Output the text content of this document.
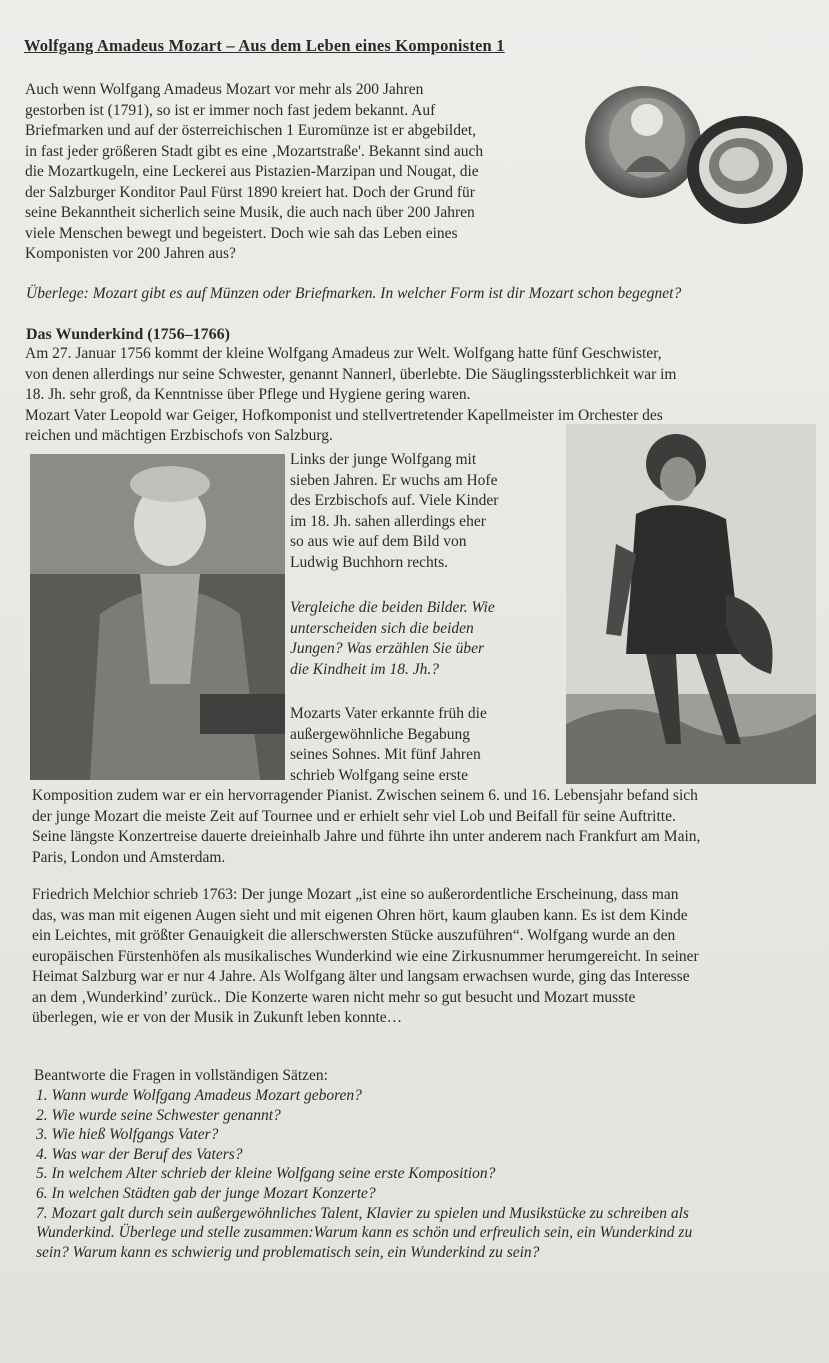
Wolfgang Amadeus Mozart – Aus dem Leben eines Komponisten 1

Auch wenn Wolfgang Amadeus Mozart vor mehr als 200 Jahren

gestorben ist (1791), so ist er immer noch fast jedem bekannt. Auf

Briefmarken und auf der österreichischen 1 Euromünze ist er abgebildet,

in fast jeder größeren Stadt gibt es eine ‚Mozartstraße'. Bekannt sind auch

die Mozartkugeln, eine Leckerei aus Pistazien-Marzipan und Nougat, die

der Salzburger Konditor Paul Fürst 1890 kreiert hat. Doch der Grund für

seine Bekanntheit sicherlich seine Musik, die auch nach über 200 Jahren

viele Menschen bewegt und begeistert. Doch wie sah das Leben eines

Komponisten vor 200 Jahren aus?

Überlege: Mozart gibt es auf Münzen oder Briefmarken. In welcher Form ist dir Mozart schon begegnet?
Das Wunderkind (1756–1766)

Am 27. Januar 1756 kommt der kleine Wolfgang Amadeus zur Welt. Wolfgang hatte fünf Geschwister,

von denen allerdings nur seine Schwester, genannt Nannerl, überlebte. Die Säuglingssterblichkeit war im

18. Jh. sehr groß, da Kenntnisse über Pflege und Hygiene gering waren.

Mozart Vater Leopold war Geiger, Hofkomponist und stellvertretender Kapellmeister im Orchester des

reichen und mächtigen Erzbischofs von Salzburg.

Links der junge Wolfgang mit

sieben Jahren. Er wuchs am Hofe

des Erzbischofs auf. Viele Kinder

im 18. Jh. sahen allerdings eher

so aus wie auf dem Bild von

Ludwig Buchhorn rechts.

Vergleiche die beiden Bilder. Wie

unterscheiden sich die beiden

Jungen? Was erzählen Sie über

die Kindheit im 18. Jh.?

Mozarts Vater erkannte früh die

außergewöhnliche Begabung

seines Sohnes. Mit fünf Jahren

schrieb Wolfgang seine erste

Komposition zudem war er ein hervorragender Pianist. Zwischen seinem 6. und 16. Lebensjahr befand sich

der junge Mozart die meiste Zeit auf Tournee und er erhielt sehr viel Lob und Beifall für seine Auftritte.

Seine längste Konzertreise dauerte dreieinhalb Jahre und führte ihn unter anderem nach Frankfurt am Main,

Paris, London und Amsterdam.

Friedrich Melchior schrieb 1763: Der junge Mozart „ist eine so außerordentliche Erscheinung, dass man

das, was man mit eigenen Augen sieht und mit eigenen Ohren hört, kaum glauben kann. Es ist dem Kinde

ein Leichtes, mit größter Genauigkeit die allerschwersten Stücke auszuführen“. Wolfgang wurde an den

europäischen Fürstenhöfen als musikalisches Wunderkind wie eine Zirkusnummer herumgereicht. In seiner

Heimat Salzburg war er nur 4 Jahre. Als Wolfgang älter und langsam erwachsen wurde, ging das Interesse

an dem ‚Wunderkind’ zurück.. Die Konzerte waren nicht mehr so gut besucht und Mozart musste

überlegen, wie er von der Musik in Zukunft leben konnte…

Beantworte die Fragen in vollständigen Sätzen:
1. Wann wurde Wolfgang Amadeus Mozart geboren?
2. Wie wurde seine Schwester genannt?
3. Wie hieß Wolfgangs Vater?
4. Was war der Beruf des Vaters?
5. In welchem Alter schrieb der kleine Wolfgang seine erste Komposition?
6. In welchen Städten gab der junge Mozart Konzerte?
7. Mozart galt durch sein außergewöhnliches Talent, Klavier zu spielen und Musikstücke zu schreiben als
Wunderkind. Überlege und stelle zusammen:Warum kann es schön und erfreulich sein, ein Wunderkind zu
sein? Warum kann es schwierig und problematisch sein, ein Wunderkind zu sein?
